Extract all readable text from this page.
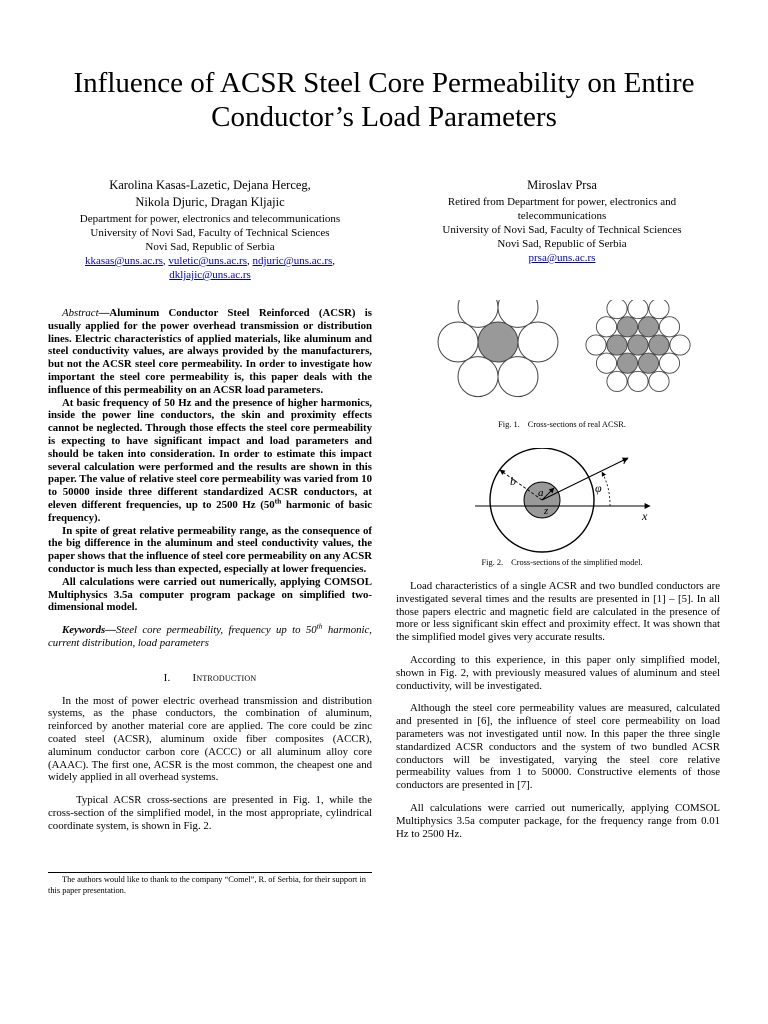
Influence of ACSR Steel Core Permeability on Entire Conductor’s Load Parameters
Karolina Kasas-Lazetic, Dejana Herceg,
Nikola Djuric, Dragan Kljajic
Department for power, electronics and telecommunications
University of Novi Sad, Faculty of Technical Sciences
Novi Sad, Republic of Serbia
kkasas@uns.ac.rs, vuletic@uns.ac.rs, ndjuric@uns.ac.rs,
dkljajic@uns.ac.rs
Miroslav Prsa
Retired from Department for power, electronics and
telecommunications
University of Novi Sad, Faculty of Technical Sciences
Novi Sad, Republic of Serbia
prsa@uns.ac.rs

Abstract—Aluminum Conductor Steel Reinforced (ACSR) is usually applied for the power overhead transmission or distribution lines. Electric characteristics of applied materials, like aluminum and steel conductivity values, are always provided by the manufacturers, but not the ACSR steel core permeability. In order to investigate how important the steel core permeability is, this paper deals with the influence of this permeability on an ACSR load parameters.

At basic frequency of 50 Hz and the presence of higher harmonics, inside the power line conductors, the skin and proximity effects cannot be neglected. Through those effects the steel core permeability is expecting to have significant impact and load parameters and should be taken into consideration. In order to estimate this impact several calculation were performed and the results are shown in this paper. The value of relative steel core permeability was varied from 10 to 50000 inside three different standardized ACSR conductors, at eleven different frequencies, up to 2500 Hz (50th harmonic of basic frequency).

In spite of great relative permeability range, as the consequence of the big difference in the aluminum and steel conductivity values, the paper shows that the influence of steel core permeability on any ACSR conductor is much less than expected, especially at lower frequencies.

All calculations were carried out numerically, applying COMSOL Multiphysics 3.5a computer program package on simplified two-dimensional model.

Keywords—Steel core permeability, frequency up to 50th harmonic, current distribution, load parameters

I. Introduction

In the most of power electric overhead transmission and distribution systems, as the phase conductors, the combination of aluminum, reinforced by another material core are applied. The core could be zinc coated steel (ACSR), aluminum oxide fiber composites (ACCR), aluminum conductor carbon core (ACCC) or all aluminum alloy core (AAAC). The first one, ACSR is the most common, the cheapest one and widely applied in all overhead systems.

Typical ACSR cross-sections are presented in Fig. 1, while the cross-section of the simplified model, in the most appropriate, cylindrical coordinate system, is shown in Fig. 2.

The authors would like to thank to the company “Comel”, R. of Serbia, for their support in this paper presentation.
Fig. 1. Cross-sections of real ACSR.
r
b
a	φ
z	x
Fig. 2. Cross-sections of the simplified model.

Load characteristics of a single ACSR and two bundled conductors are investigated several times and the results are presented in [1] – [5]. In all those papers electric and magnetic field are calculated in the presence of more or less significant skin effect and proximity effect. It was shown that the simplified model gives very accurate results.

According to this experience, in this paper only simplified model, shown in Fig. 2, with previously measured values of aluminum and steel conductivity, will be investigated.

Although the steel core permeability values are measured, calculated and presented in [6], the influence of steel core permeability on load parameters was not investigated until now. In this paper the three single standardized ACSR conductors and the system of two bundled ACSR conductors will be investigated, varying the steel core relative permeability values from 1 to 50000. Constructive elements of those conductors are presented in [7].

All calculations were carried out numerically, applying COMSOL Multiphysics 3.5a computer package, for the frequency range from 0.01 Hz to 2500 Hz.
